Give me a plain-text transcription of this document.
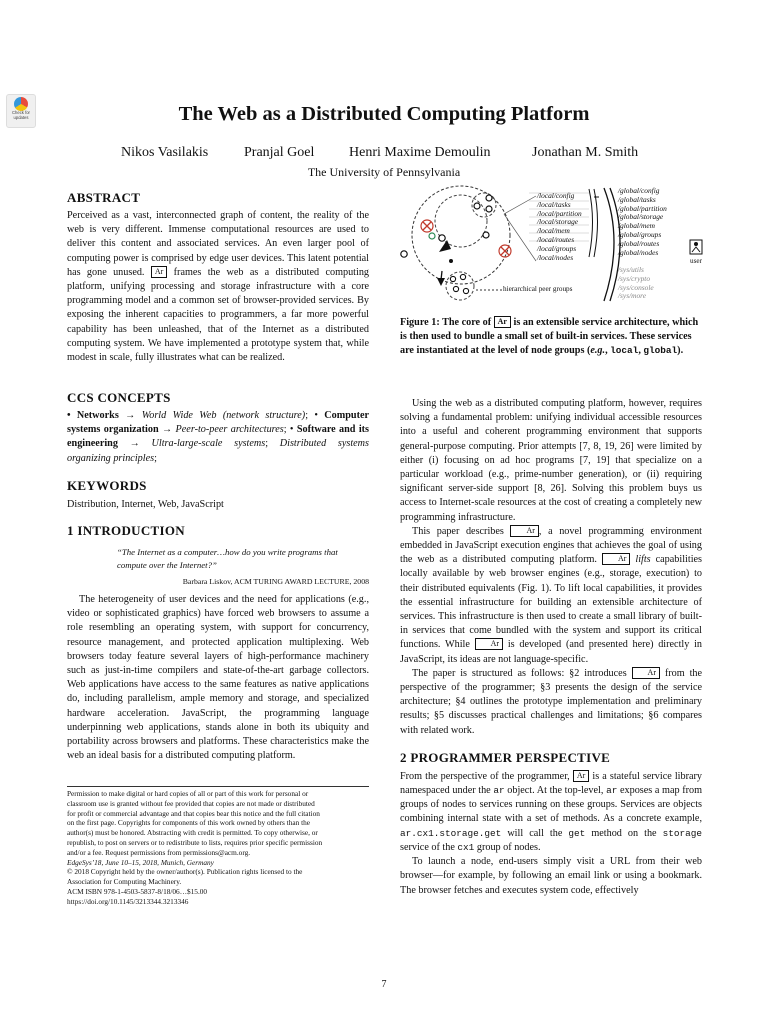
Check for
updates	The Web as a Distributed Computing Platform
Nikos Vasilakis	Pranjal Goel Henri Maxime Demoulin	Jonathan M. Smith
The University of Pennsylvania
ABSTRACT

Perceived as a vast, interconnected graph of content, the reality of the web is very different. Immense computational resources are used to deliver this content and associated services. An even larger pool of computing power is comprised by edge user devices. This latent potential has gone unused. Ar frames the web as a distributed computing platform, unifying processing and storage infrastructure with a core programming model and a common set of browser-provided services. By exposing the inherent capacities to programmers, a far more powerful capability has been unleashed, that of the Internet as a distributed computing system. We have implemented a prototype system that, while modest in scale, fully illustrates what can be realized.

CCS CONCEPTS

• Networks → World Wide Web (network structure); • Computer systems organization → Peer-to-peer architectures; • Software and its engineering → Ultra-large-scale systems; Distributed systems organizing principles;

KEYWORDS

Distribution, Internet, Web, JavaScript

1 INTRODUCTION
“The Internet as a computer…how do you write programs that
compute over the Internet?”
Barbara Liskov, ACM TURING AWARD LECTURE, 2008

The heterogeneity of user devices and the need for applications (e.g., video or sophisticated graphics) have forced web browsers to assume a role resembling an operating system, with support for concurrency, resource management, and protected application multiplexing. Web browsers today feature several layers of high-performance machinery such as just-in-time compilers and state-of-the-art garbage collectors. Web applications have access to the same features as native applications do, including parallelism, ample memory and storage, and specialized hardware acceleration. JavaScript, the programming language underpinning web applications, stands alone in both its ubiquity and portability across browsers and platforms. These characteristics make the web an ideal basis for a distributed computing platform.

Permission to make digital or hard copies of all or part of this work for personal or
classroom use is granted without fee provided that copies are not made or distributed
for profit or commercial advantage and that copies bear this notice and the full citation
on the first page. Copyrights for components of this work owned by others than the
author(s) must be honored. Abstracting with credit is permitted. To copy otherwise, or
republish, to post on servers or to redistribute to lists, requires prior specific permission
and/or a fee. Request permissions from permissions@acm.org.
EdgeSys’18, June 10–15, 2018, Munich, Germany
© 2018 Copyright held by the owner/author(s). Publication rights licensed to the
Association for Computing Machinery.
ACM ISBN 978-1-4503-5837-8/18/06…$15.00
https://doi.org/10.1145/3213344.3213346
/local/config
/local/tasks
/local/partition
/local/storage
/local/mem
/local/routes
/local/groups
/local/nodes
/global/config
/global/tasks
/global/partition
/global/storage
/global/mem
/global/groups
/global/routes
/global/nodes
/sys/utils
/sys/crypto
/sys/console
/sys/more
hierarchical peer groups
user
Figure 1: The core of Ar is an extensible service architecture, which is then used to bundle a small set of built-in services. These services are instantiated at the level of node groups (e.g., local, global).

Using the web as a distributed computing platform, however, requires solving a fundamental problem: unifying individual accessible resources into a useful and coherent programming environment that supports general-purpose computing. Prior attempts [7, 8, 19, 26] were limited by either (i) focusing on ad hoc programs [7, 19] that specialize on a particular workload (e.g., prime-number generation), or (ii) requiring significant server-side support [8, 26]. Solving this problem buys us access to Internet-scale resources at the cost of creating a completely new programming infrastructure.

This paper describes	Ar , a novel programming environment embedded in JavaScript execution engines that achieves the goal of using the web as a distributed computing platform.	Ar lifts capabilities locally available by web browser engines (e.g., storage, execution) to their distributed equivalents (Fig. 1). To lift local capabilities, it provides the essential infrastructure for building an extensible architecture of services. This infrastructure is then used to create a small library of built-in services that come bundled with the system and support its critical functions. While	Ar is developed (and presented here) directly in JavaScript, its ideas are not language-specific.

The paper is structured as follows: §2 introduces	Ar from the perspective of the programmer; §3 presents the design of the service architecture; §4 outlines the prototype implementation and preliminary results; §5 discusses practical challenges and limitations; §6 compares with related work.

2 PROGRAMMER PERSPECTIVE

From the perspective of the programmer, Ar is a stateful service library namespaced under the ar object. At the top-level, ar exposes a map from groups of nodes to services running on these groups. Services are objects combining internal state with a set of methods. As a concrete example, ar.cx1.storage.get will call the get method on the storage service of the cx1 group of nodes.

To launch a node, end-users simply visit a URL from their web browser—for example, by following an email link or using a bookmark. The browser fetches and executes system code, effectively

7
